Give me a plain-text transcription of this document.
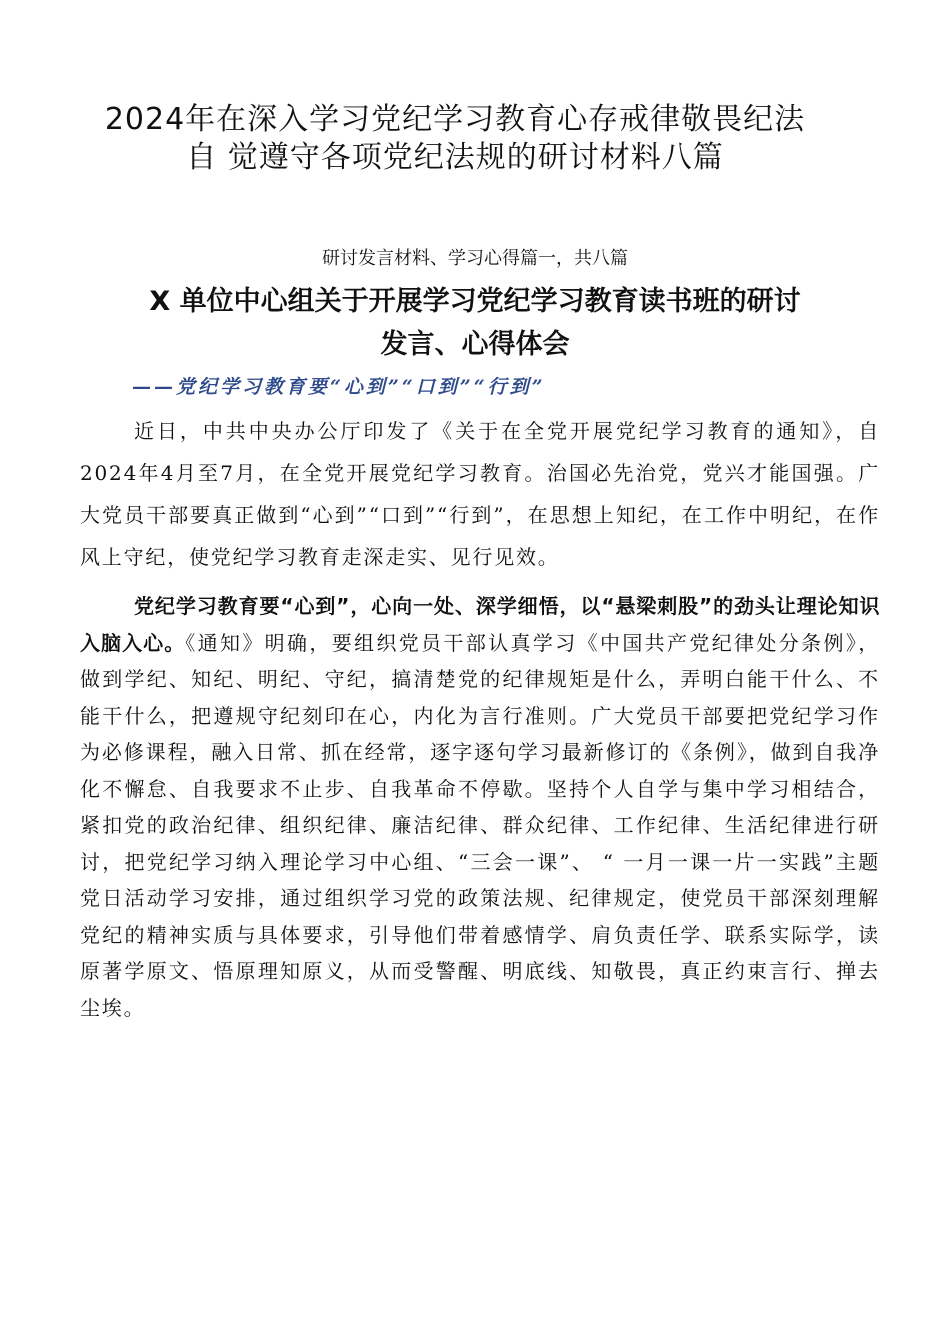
2024年在深入学习党纪学习教育心存戒律敬畏纪法
自 觉遵守各项党纪法规的研讨材料八篇

研讨发言材料、学习心得篇一，共八篇

X 单位中心组关于开展学习党纪学习教育读书班的研讨
发言、心得体会

——党纪学习教育要“心到”“口到”“行到”

近日，中共中央办公厅印发了《关于在全党开展党纪学习教育的通知》，自2024年4月至7月，在全党开展党纪学习教育。治国必先治党，党兴才能国强。广大党员干部要真正做到“心到”“口到”“行到”，在思想上知纪，在工作中明纪，在作风上守纪，使党纪学习教育走深走实、见行见效。

党纪学习教育要“心到”，心向一处、深学细悟，以“悬梁刺股”的劲头让理论知识入脑入心。《通知》明确，要组织党员干部认真学习《中国共产党纪律处分条例》，做到学纪、知纪、明纪、守纪，搞清楚党的纪律规矩是什么，弄明白能干什么、不能干什么，把遵规守纪刻印在心，内化为言行准则。广大党员干部要把党纪学习作为必修课程，融入日常、抓在经常，逐字逐句学习最新修订的《条例》，做到自我净化不懈怠、自我要求不止步、自我革命不停歇。坚持个人自学与集中学习相结合，紧扣党的政治纪律、组织纪律、廉洁纪律、群众纪律、工作纪律、生活纪律进行研讨，把党纪学习纳入理论学习中心组、“三会一课”、 “ 一月一课一片一实践”主题党日活动学习安排，通过组织学习党的政策法规、纪律规定，使党员干部深刻理解党纪的精神实质与具体要求，引导他们带着感情学、肩负责任学、联系实际学，读原著学原文、悟原理知原义，从而受警醒、明底线、知敬畏，真正约束言行、掸去尘埃。
